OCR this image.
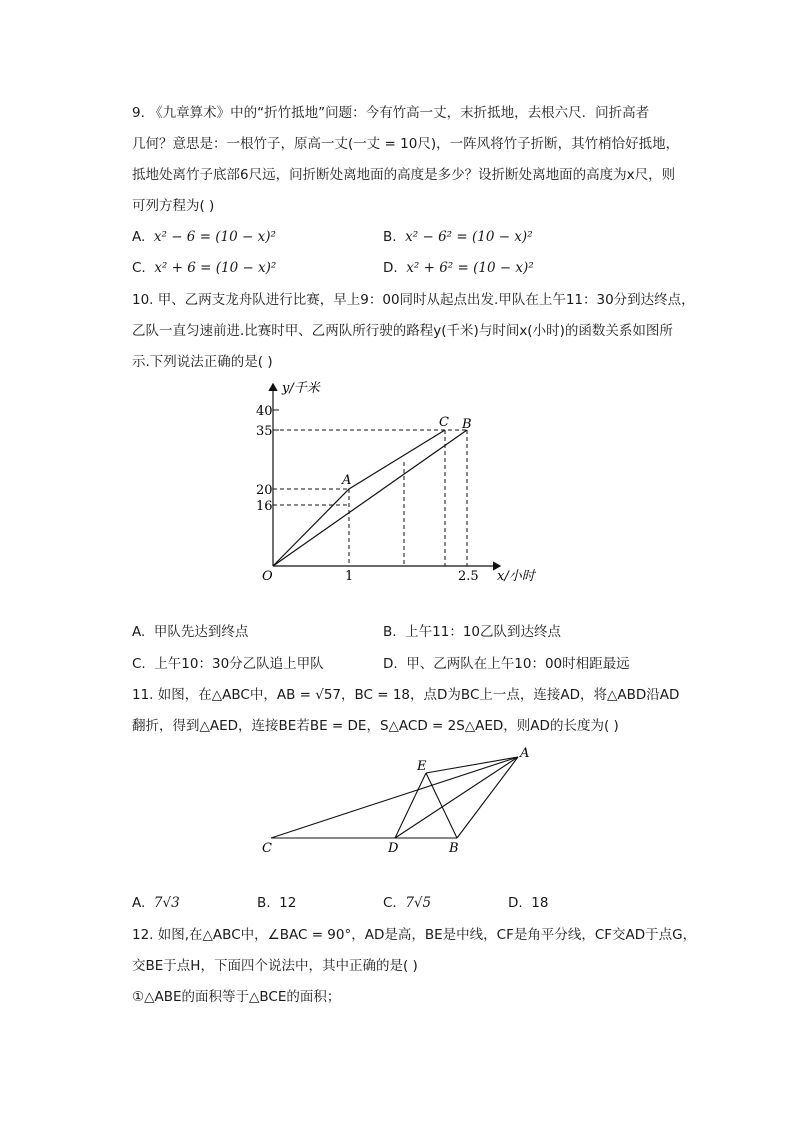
9. 《九章算术》中的“折竹抵地”问题：今有竹高一丈，末折抵地，去根六尺．问折高者
几何？意思是：一根竹子，原高一丈(一丈 = 10尺)，一阵风将竹子折断，其竹梢恰好抵地，
抵地处离竹子底部6尺远，问折断处离地面的高度是多少？设折断处离地面的高度为x尺，则
可列方程为( )
A. x² − 6 = (10 − x)²	B. x² − 6² = (10 − x)²
C. x² + 6 = (10 − x)²	D. x² + 6² = (10 − x)²
10. 甲、乙两支龙舟队进行比赛，早上9：00同时从起点出发.甲队在上午11：30分到达终点，
乙队一直匀速前进.比赛时甲、乙两队所行驶的路程y(千米)与时间x(小时)的函数关系如图所
示.下列说法正确的是( )
y/千米
x/小时
O
40
35
20
16
1	2.5
A
C B
A. 甲队先达到终点	B. 上午11：10乙队到达终点
C. 上午10：30分乙队追上甲队	D. 甲、乙两队在上午10：00时相距最远
11. 如图，在△ABC中，AB = √57，BC = 18，点D为BC上一点，连接AD，将△ABD沿AD
翻折，得到△AED，连接BE若BE = DE，S△ACD = 2S△AED，则AD的长度为( )
E
A
C	D	B
A. 7√3	B. 12	C. 7√5	D. 18
12. 如图,在△ABC中，∠BAC = 90°，AD是高，BE是中线，CF是角平分线，CF交AD于点G，
交BE于点H，下面四个说法中，其中正确的是( )
①△ABE的面积等于△BCE的面积；
